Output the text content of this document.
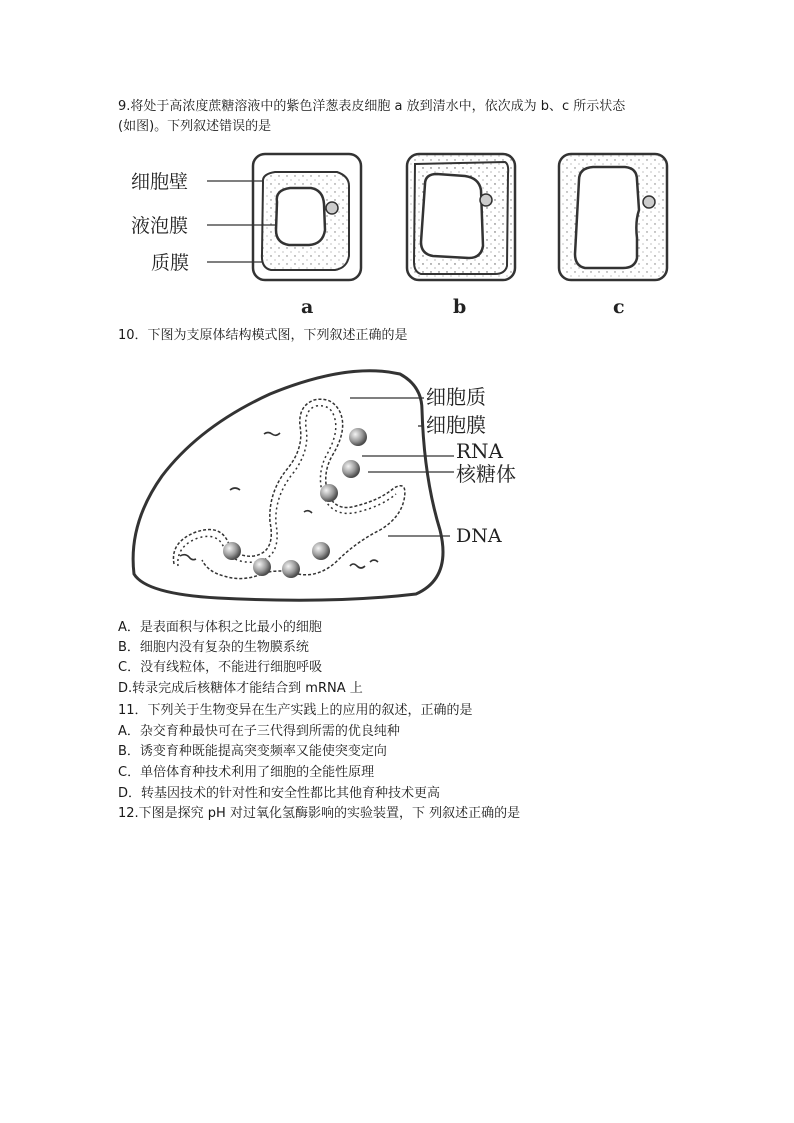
9.将处于高浓度蔗糖溶液中的紫色洋葱表皮细胞 a 放到清水中，依次成为 b、c 所示状态
(如图)。下列叙述错误的是
细胞壁
液泡膜
质膜
a	b	c
10．下图为支原体结构模式图，下列叙述正确的是
细胞质
细胞膜
RNA
核糖体
DNA
A．是表面积与体积之比最小的细胞
B．细胞内没有复杂的生物膜系统
C．没有线粒体，不能进行细胞呼吸
D.转录完成后核糖体才能结合到 mRNA 上
11．下列关于生物变异在生产实践上的应用的叙述，正确的是
A．杂交育种最快可在子三代得到所需的优良纯种
B．诱变育种既能提高突变频率又能使突变定向
C．单倍体育种技术利用了细胞的全能性原理
D．转基因技术的针对性和安全性都比其他育种技术更高
12.下图是探究 pH 对过氧化氢酶影响的实验装置，下 列叙述正确的是
